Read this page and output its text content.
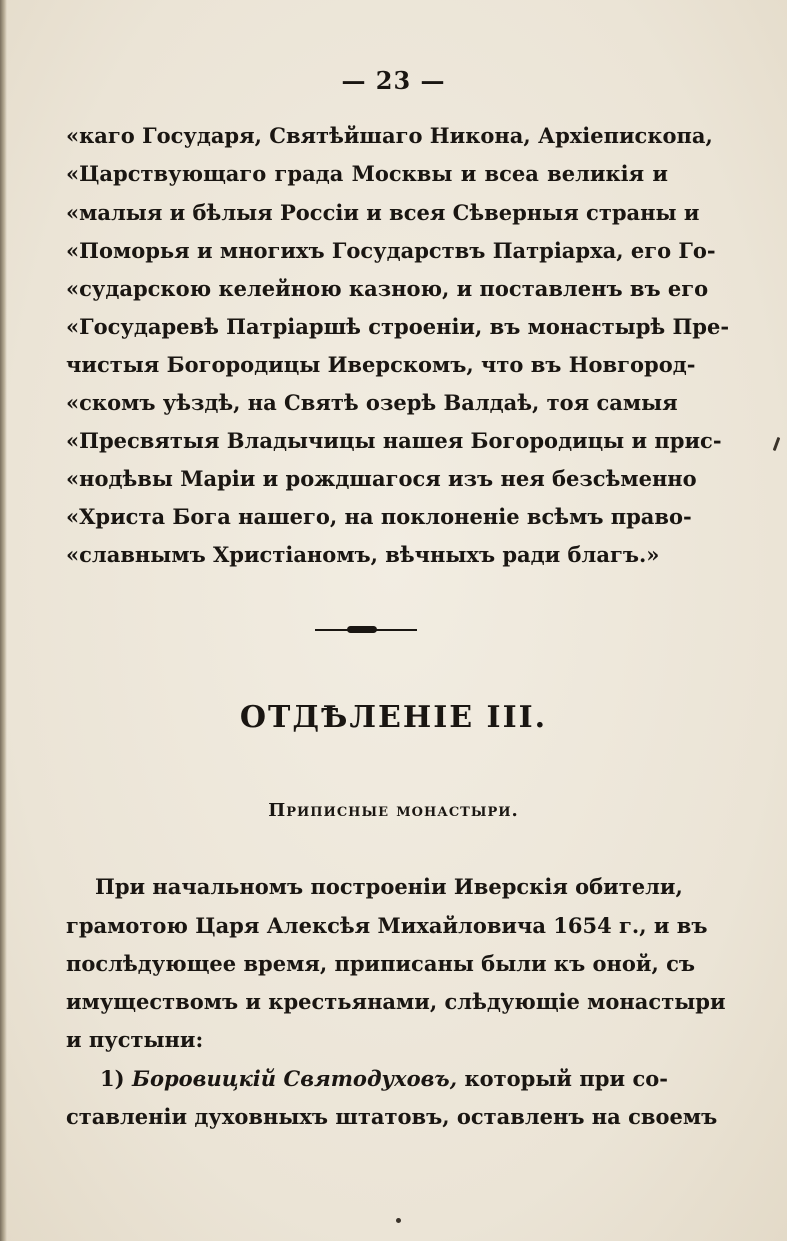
— 23 —
«каго Государя, Святѣйшаго Никона, Архіепископа,
«Царствующаго града Москвы и всеа великія и
«малыя и бѣлыя Россіи и всея Сѣверныя страны и
«Поморья и многихъ Государствъ Патріарха, его Го-
«сударскою келейною казною, и поставленъ въ его
«Государевѣ Патріаршѣ строеніи, въ монастырѣ Пре-
чистыя Богородицы Иверскомъ, что въ Новгород-
«скомъ уѣздѣ, на Святѣ озерѣ Валдаѣ, тоя самыя
«Пресвятыя Владычицы нашея Богородицы и прис-
«нодѣвы Маріи и рождшагося изъ нея безсѣменно
«Христа Бога нашего, на поклоненіе всѣмъ право-
«славнымъ Христіаномъ, вѣчныхъ ради благъ.»
ОТДѢЛЕНІЕ III.
Приписные монастыри.
При начальномъ построеніи Иверскія обители,
грамотою Царя Алексѣя Михайловича 1654 г., и въ
послѣдующее время, приписаны были къ оной, съ
имуществомъ и крестьянами, слѣдующіе монастыри
и пустыни:
1) Боровицкій Святодуховъ, который при со-
ставленіи духовныхъ штатовъ, оставленъ на своемъ
